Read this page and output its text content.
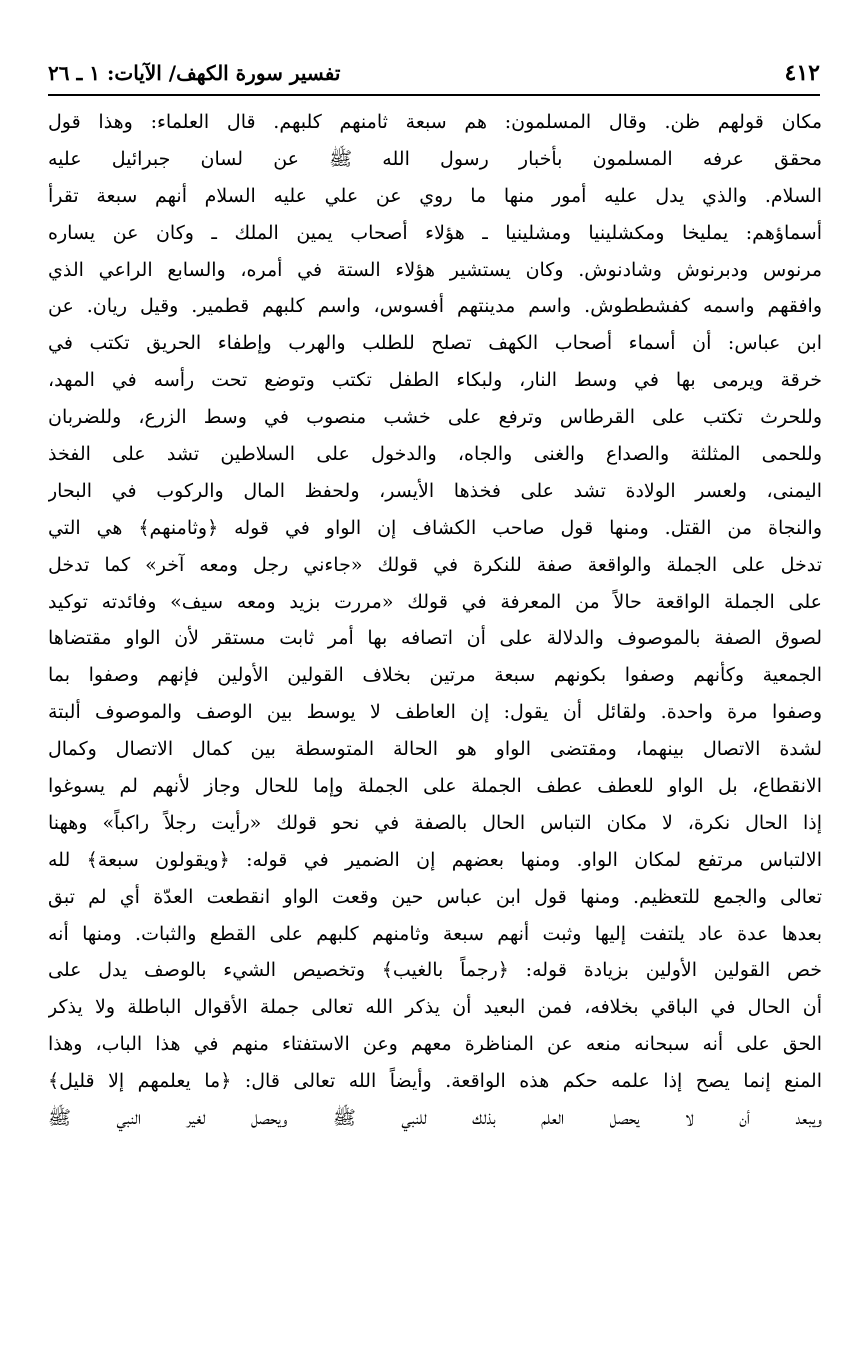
٤١٢
تفسير سورة الكهف/ الآيات: ١ ـ ٢٦
مكان قولهم ظن. وقال المسلمون: هم سبعة ثامنهم كلبهم. قال العلماء: وهذا قول
محقق عرفه المسلمون بأخبار رسول الله ﷺ عن لسان جبرائيل عليه
السلام. والذي يدل عليه أمور منها ما روي عن علي عليه السلام أنهم سبعة تقرأ
أسماؤهم: يمليخا ومكشلينيا ومشلينيا ـ هؤلاء أصحاب يمين الملك ـ وكان عن يساره
مرنوس ودبرنوش وشادنوش. وكان يستشير هؤلاء الستة في أمره، والسابع الراعي الذي
وافقهم واسمه كفشططوش. واسم مدينتهم أفسوس، واسم كلبهم قطمير. وقيل ريان. عن
ابن عباس: أن أسماء أصحاب الكهف تصلح للطلب والهرب وإطفاء الحريق تكتب في
خرقة ويرمى بها في وسط النار، ولبكاء الطفل تكتب وتوضع تحت رأسه في المهد،
وللحرث تكتب على القرطاس وترفع على خشب منصوب في وسط الزرع، وللضربان
وللحمى المثلثة والصداع والغنى والجاه، والدخول على السلاطين تشد على الفخذ
اليمنى، ولعسر الولادة تشد على فخذها الأيسر، ولحفظ المال والركوب في البحار
والنجاة من القتل. ومنها قول صاحب الكشاف إن الواو في قوله ﴿وثامنهم﴾ هي التي
تدخل على الجملة والواقعة صفة للنكرة في قولك «جاءني رجل ومعه آخر» كما تدخل
على الجملة الواقعة حالاً من المعرفة في قولك «مررت بزيد ومعه سيف» وفائدته توكيد
لصوق الصفة بالموصوف والدلالة على أن اتصافه بها أمر ثابت مستقر لأن الواو مقتضاها
الجمعية وكأنهم وصفوا بكونهم سبعة مرتين بخلاف القولين الأولين فإنهم وصفوا بما
وصفوا مرة واحدة. ولقائل أن يقول: إن العاطف لا يوسط بين الوصف والموصوف ألبتة
لشدة الاتصال بينهما، ومقتضى الواو هو الحالة المتوسطة بين كمال الاتصال وكمال
الانقطاع، بل الواو للعطف عطف الجملة على الجملة وإما للحال وجاز لأنهم لم يسوغوا
إذا الحال نكرة، لا مكان التباس الحال بالصفة في نحو قولك «رأيت رجلاً راكباً» وههنا
الالتباس مرتفع لمكان الواو. ومنها بعضهم إن الضمير في قوله: ﴿ويقولون سبعة﴾ لله
تعالى والجمع للتعظيم. ومنها قول ابن عباس حين وقعت الواو انقطعت العدّة أي لم تبق
بعدها عدة عاد يلتفت إليها وثبت أنهم سبعة وثامنهم كلبهم على القطع والثبات. ومنها أنه
خص القولين الأولين بزيادة قوله: ﴿رجماً بالغيب﴾ وتخصيص الشيء بالوصف يدل على
أن الحال في الباقي بخلافه، فمن البعيد أن يذكر الله تعالى جملة الأقوال الباطلة ولا يذكر
الحق على أنه سبحانه منعه عن المناظرة معهم وعن الاستفتاء منهم في هذا الباب، وهذا
المنع إنما يصح إذا علمه حكم هذه الواقعة. وأيضاً الله تعالى قال: ﴿ما يعلمهم إلا قليل﴾
ويبعد أن لا يحصل العلم بذلك للنبي ﷺ ويحصل لغير النبي ﷺ
